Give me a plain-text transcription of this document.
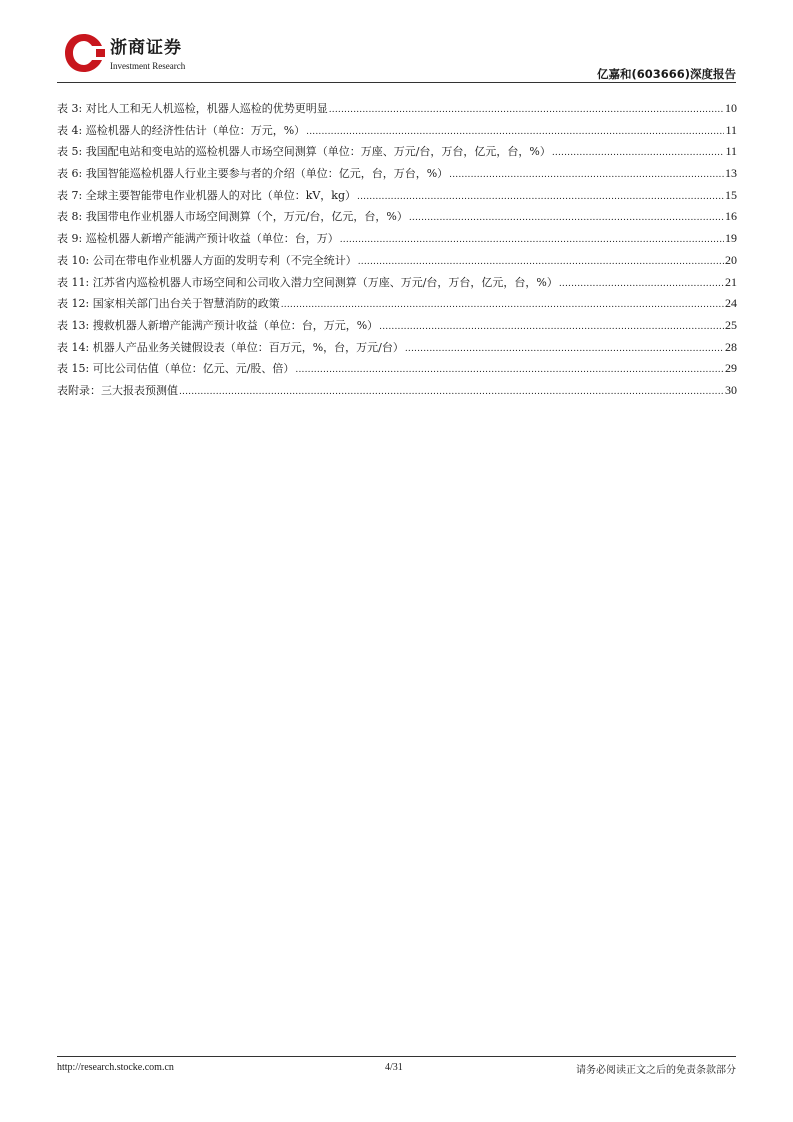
浙商证券
Investment Research
亿嘉和(603666)深度报告
表 3: 对比人工和无人机巡检，机器人巡检的优势更明显 .....	10
表 4: 巡检机器人的经济性估计（单位：万元，%） .....	11
表 5: 我国配电站和变电站的巡检机器人市场空间测算（单位：万座、万元/台，万台，亿元，台，%） .....	11
表 6: 我国智能巡检机器人行业主要参与者的介绍（单位：亿元，台，万台，%） .....	13
表 7: 全球主要智能带电作业机器人的对比（单位：kV，kg） .....	15
表 8: 我国带电作业机器人市场空间测算（个，万元/台，亿元，台，%） .....	16
表 9: 巡检机器人新增产能满产预计收益（单位：台，万） .....	19
表 10: 公司在带电作业机器人方面的发明专利（不完全统计） .....	20
表 11: 江苏省内巡检机器人市场空间和公司收入潜力空间测算（万座、万元/台，万台，亿元，台，%） .....	21
表 12: 国家相关部门出台关于智慧消防的政策 .....	24
表 13: 搜救机器人新增产能满产预计收益（单位：台，万元，%） .....	25
表 14: 机器人产品业务关键假设表（单位：百万元，%，台，万元/台） .....	28
表 15: 可比公司估值（单位：亿元、元/股、倍） .....	29
表附录：三大报表预测值 .....	30
http://research.stocke.com.cn	4/31	请务必阅读正文之后的免责条款部分
